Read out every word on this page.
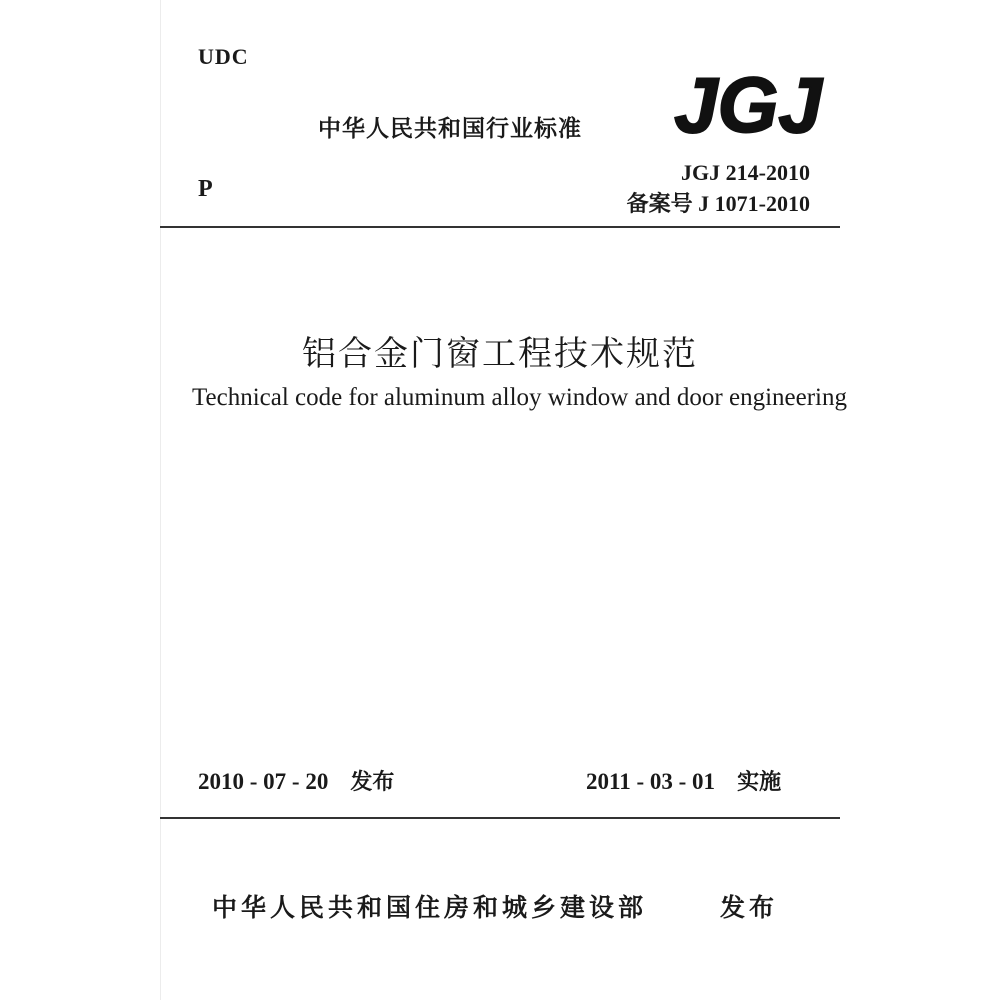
UDC
中华人民共和国行业标准 JGJ
JGJ 214-2010
备案号 J 1071-2010
P
铝合金门窗工程技术规范
Technical code for aluminum alloy window and door engineering
2010 - 07 - 20 发布	2011 - 03 - 01 实施
中华人民共和国住房和城乡建设部	发布
